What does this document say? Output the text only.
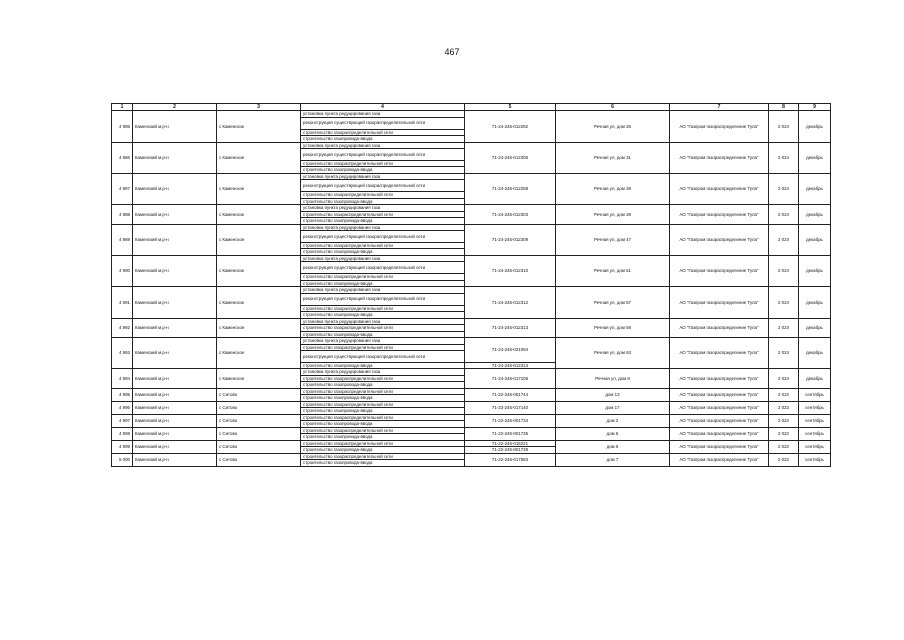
467
1	2	3	4	5	6	7	8	9
4 985	Каменский м.р-н	с Каменское	установка пункта редуцирования газа	71-24-245-012292	Речная ул, дом 26	АО "Газпром газораспределение Тула"	2 024	декабрь
			реконструкция существующей газораспределительной сети					
			строительство газораспределительной сети					
			строительство газопровода-ввода					
4 986	Каменский м.р-н	с Каменское	установка пункта редуцирования газа	71-24-245-012306	Речная ул, дом 31	АО "Газпром газораспределение Тула"	2 024	декабрь
			реконструкция существующей газораспределительной сети					
			строительство газораспределительной сети					
			строительство газопровода-ввода					
4 987	Каменский м.р-н	с Каменское	установка пункта редуцирования газа	71-24-245-012298	Речная ул, дом 38	АО "Газпром газораспределение Тула"	2 024	декабрь
			реконструкция существующей газораспределительной сети					
			строительство газораспределительной сети					
			строительство газопровода-ввода					
4 988	Каменский м.р-н	с Каменское	установка пункта редуцирования газа	71-24-245-012303	Речная ул, дом 39	АО "Газпром газораспределение Тула"	2 024	декабрь
			строительство газораспределительной сети					
			строительство газопровода-ввода					
4 989	Каменский м.р-н	с Каменское	установка пункта редуцирования газа	71-24-245-012309	Речная ул, дом 47	АО "Газпром газораспределение Тула"	2 024	декабрь
			реконструкция существующей газораспределительной сети					
			строительство газораспределительной сети					
			строительство газопровода-ввода					
4 990	Каменский м.р-н	с Каменское	установка пункта редуцирования газа	71-24-245-012310	Речная ул, дом 51	АО "Газпром газораспределение Тула"	2 024	декабрь
			реконструкция существующей газораспределительной сети					
			строительство газораспределительной сети					
			строительство газопровода-ввода					
4 991	Каменский м.р-н	с Каменское	установка пункта редуцирования газа	71-24-245-012312	Речная ул, дом 57	АО "Газпром газораспределение Тула"	2 024	декабрь
			реконструкция существующей газораспределительной сети					
			строительство газораспределительной сети					
			строительство газопровода-ввода					
4 992	Каменский м.р-н	с Каменское	установка пункта редуцирования газа	71-24-245-012313	Речная ул, дом 59	АО "Газпром газораспределение Тула"	2 024	декабрь
			строительство газораспределительной сети					
			строительство газопровода-ввода					
4 993	Каменский м.р-н	с Каменское	установка пункта редуцирования газа	71-24-245-021094	Речная ул, дом 63	АО "Газпром газораспределение Тула"	2 024	декабрь
			строительство газораспределительной сети					
			реконструкция существующей газораспределительной сети					
			строительство газопровода-ввода	71-24-245-012314				
4 994	Каменский м.р-н	с Каменское	установка пункта редуцирования газа	71-24-245-017106	Речная ул, дом 8	АО "Газпром газораспределение Тула"	2 024	декабрь
			строительство газораспределительной сети					
			строительство газопровода-ввода					
4 995	Каменский м.р-н	с Ситово	строительство газораспределительной сети	71-22-245-001744	дом 13	АО "Газпром газораспределение Тула"	2 022	сентябрь
			строительство газопровода-ввода					
4 996	Каменский м.р-н	с Ситово	строительство газораспределительной сети	71-22-245-017140	дом 17	АО "Газпром газораспределение Тула"	2 022	сентябрь
			строительство газопровода-ввода					
4 997	Каменский м.р-н	с Ситово	строительство газораспределительной сети	71-22-245-001734	дом 2	АО "Газпром газораспределение Тула"	2 022	сентябрь
			строительство газопровода-ввода					
4 998	Каменский м.р-н	с Ситово	строительство газораспределительной сети	71-22-245-001735	дом 5	АО "Газпром газораспределение Тула"	2 022	сентябрь
			строительство газопровода-ввода					
4 999	Каменский м.р-н	с Ситово	строительство газораспределительной сети	71-22-245-016221	дом 6	АО "Газпром газораспределение Тула"	2 022	сентябрь
			строительство газопровода-ввода	71-22-245-001738				
5 000	Каменский м.р-н	с Ситово	строительство газораспределительной сети	71-22-245-017583	дом 7	АО "Газпром газораспределение Тула"	2 022	сентябрь
			строительство газопровода-ввода					
